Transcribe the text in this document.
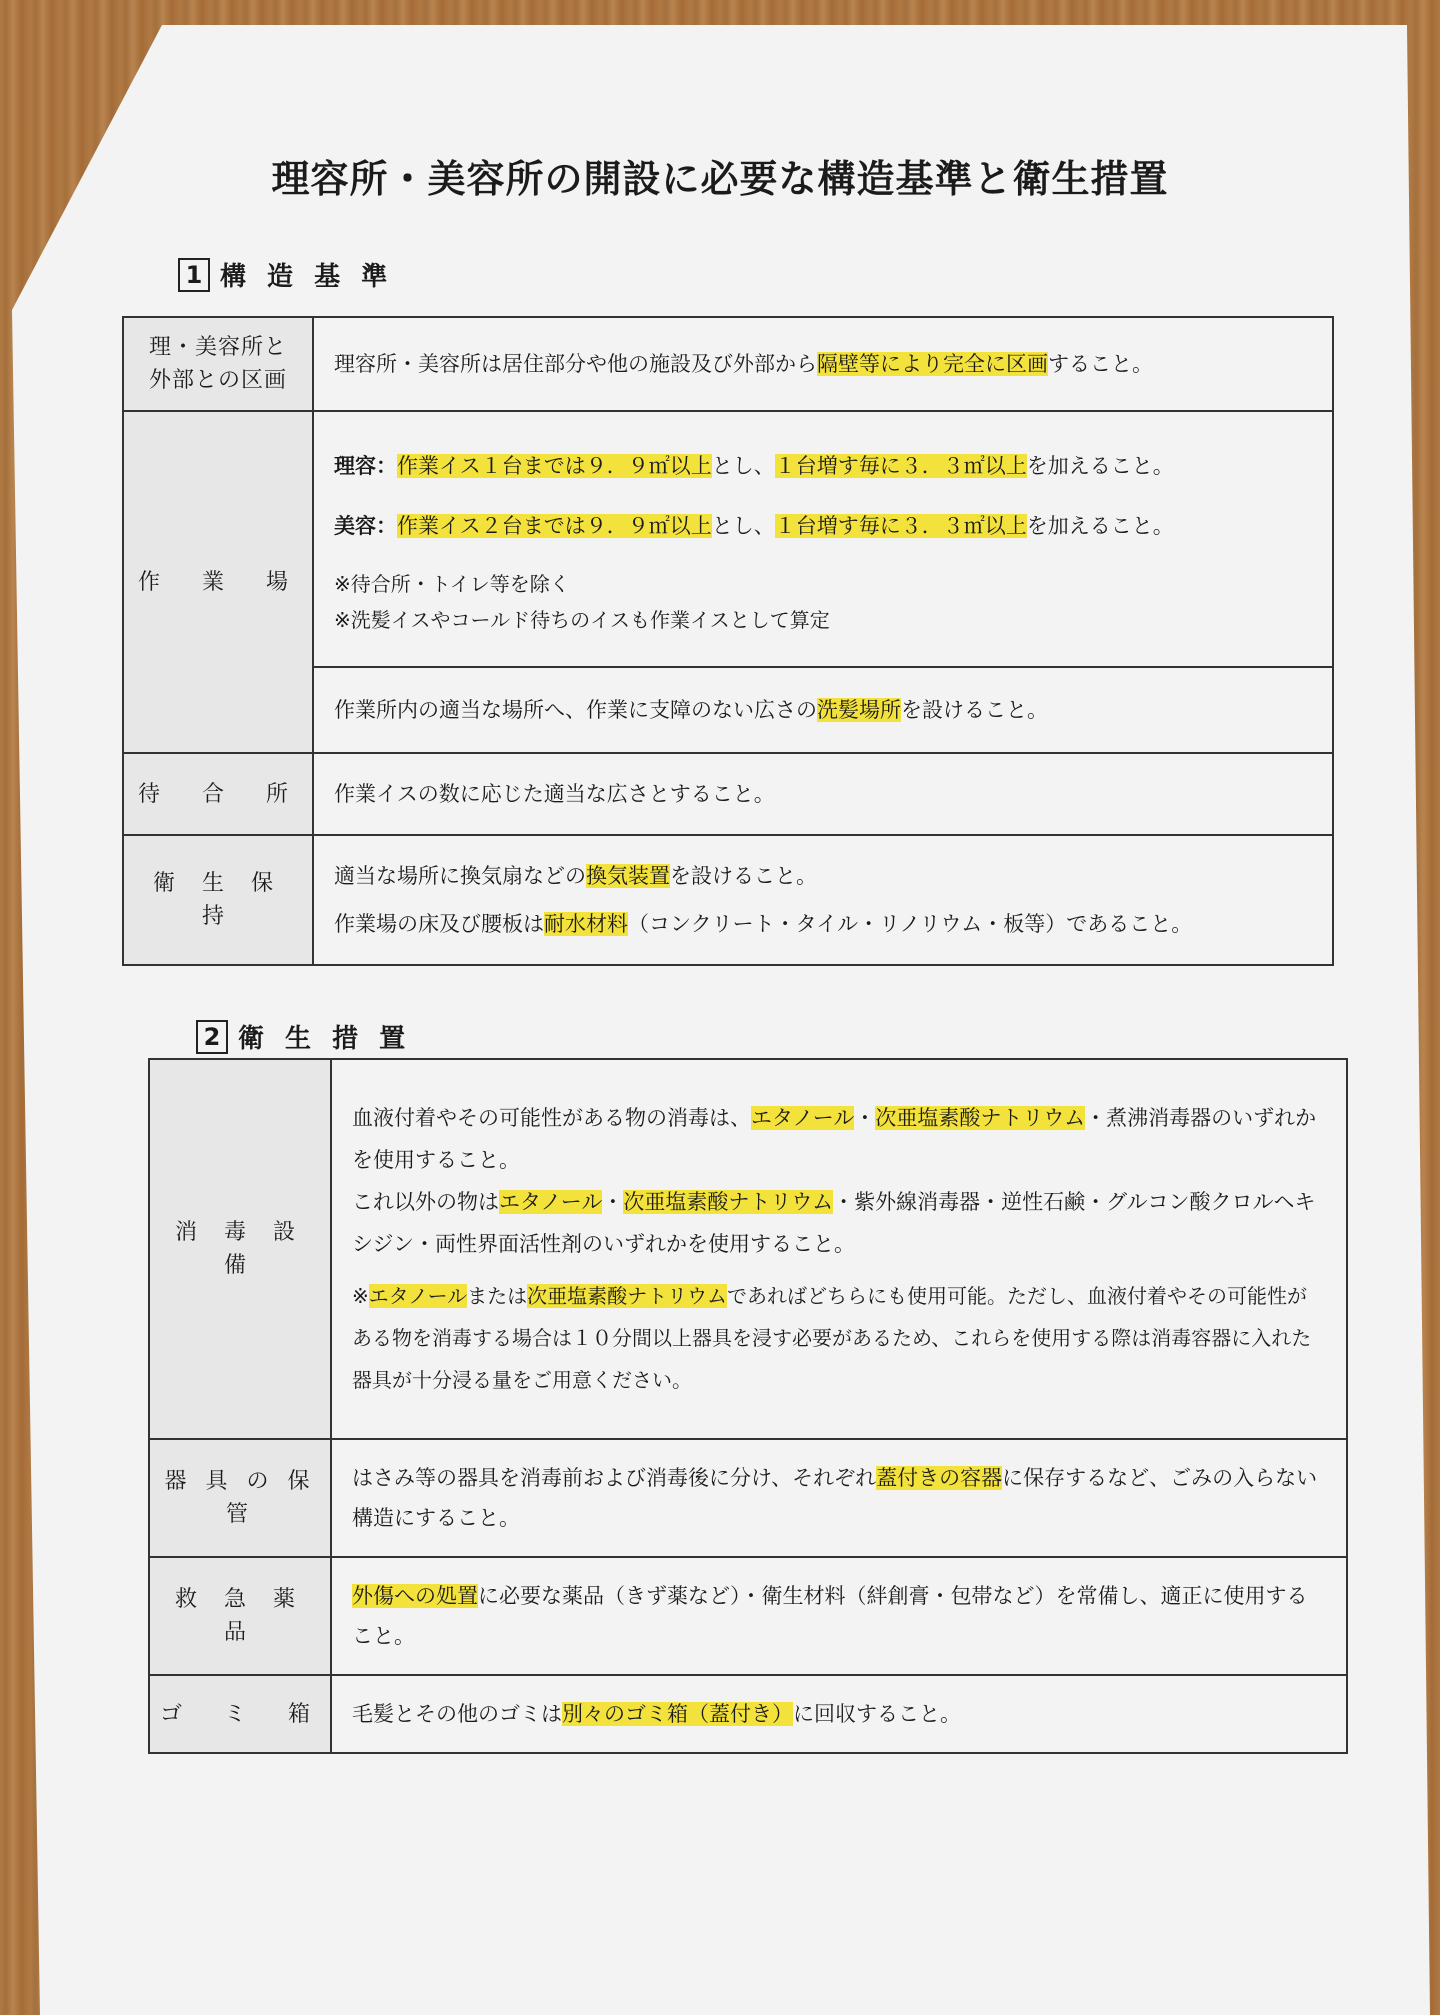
理容所・美容所の開設に必要な構造基準と衛生措置
1 構 造 基 準
理・美容所と
外部との区画	理容所・美容所は居住部分や他の施設及び外部から隔壁等により完全に区画すること。
作　業　場	理容：作業イス１台までは９．９㎡以上とし、１台増す毎に３．３㎡以上を加えること。

美容：作業イス２台までは９．９㎡以上とし、１台増す毎に３．３㎡以上を加えること。

※待合所・トイレ等を除く

※洗髪イスやコールド待ちのイスも作業イスとして算定

	作業所内の適当な場所へ、作業に支障のない広さの洗髪場所を設けること。
待　合　所	作業イスの数に応じた適当な広さとすること。
衛 生 保 持	適当な場所に換気扇などの換気装置を設けること。

作業場の床及び腰板は耐水材料（コンクリート・タイル・リノリウム・板等）であること。

2 衛 生 措 置
消 毒 設 備	血液付着やその可能性がある物の消毒は、エタノール・次亜塩素酸ナトリウム・煮沸消毒器のいずれかを使用すること。

これ以外の物はエタノール・次亜塩素酸ナトリウム・紫外線消毒器・逆性石鹸・グルコン酸クロルヘキシジン・両性界面活性剤のいずれかを使用すること。

※エタノールまたは次亜塩素酸ナトリウムであればどちらにも使用可能。ただし、血液付着やその可能性がある物を消毒する場合は１０分間以上器具を浸す必要があるため、これらを使用する際は消毒容器に入れた器具が十分浸る量をご用意ください。

器 具 の 保 管	はさみ等の器具を消毒前および消毒後に分け、それぞれ蓋付きの容器に保存するなど、ごみの入らない構造にすること。
救 急 薬 品	外傷への処置に必要な薬品（きず薬など）・衛生材料（絆創膏・包帯など）を常備し、適正に使用すること。
ゴ　ミ　箱	毛髪とその他のゴミは別々のゴミ箱（蓋付き）に回収すること。
